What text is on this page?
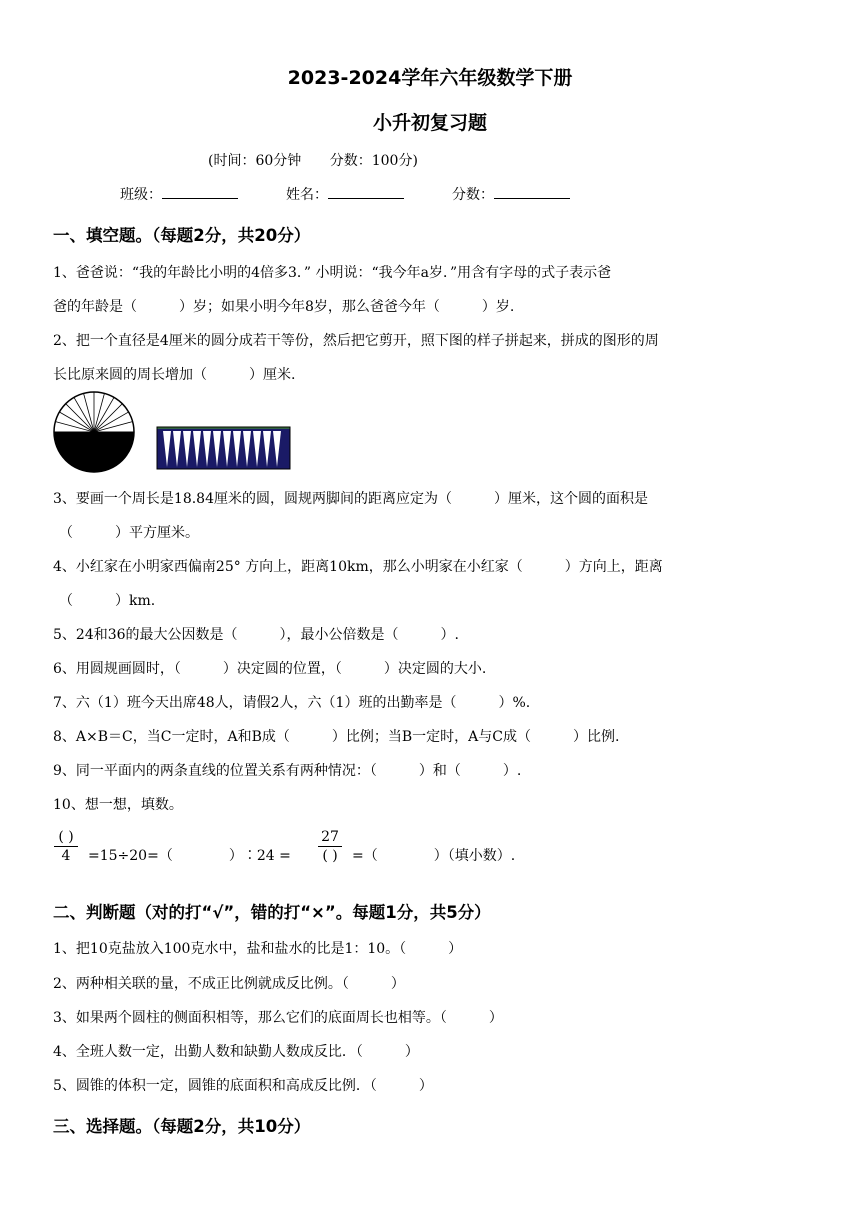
2023-2024学年六年级数学下册
小升初复习题
(时间：60分钟 分数：100分)
班级：	姓名：	分数：
一、填空题。（每题2分，共20分）
1、爸爸说：“我的年龄比小明的4倍多3．” 小明说：“我今年a岁．”用含有字母的式子表示爸
爸的年龄是（　　　）岁；如果小明今年8岁，那么爸爸今年（　　　）岁.
2、把一个直径是4厘米的圆分成若干等份，然后把它剪开，照下图的样子拼起来，拼成的图形的周
长比原来圆的周长增加（　　　）厘米.
3、要画一个周长是18.84厘米的圆，圆规两脚间的距离应定为（　　　）厘米，这个圆的面积是
（　　　）平方厘米。
4、小红家在小明家西偏南25° 方向上，距离10km，那么小明家在小红家（　　　）方向上，距离
（　　　）km.
5、24和36的最大公因数是（　　　），最小公倍数是（　　　）.
6、用圆规画圆时，（　　　）决定圆的位置，（　　　）决定圆的大小.
7、六（1）班今天出席48人，请假2人，六（1）班的出勤率是（　　　）%.
8、A×B＝C，当C一定时，A和B成（　　　）比例；当B一定时，A与C成（　　　）比例.
9、同一平面内的两条直线的位置关系有两种情况：（　　　）和（　　　）.
10、想一想，填数。
( )
4	=15÷20=（　　　　）∶24 =
27
( )	=（　　　　）（填小数）.
二、判断题（对的打“√”，错的打“×”。每题1分，共5分）
1、把10克盐放入100克水中，盐和盐水的比是1：10。（　　　）
2、两种相关联的量，不成正比例就成反比例。（　　　）
3、如果两个圆柱的侧面积相等，那么它们的底面周长也相等。（　　　）
4、全班人数一定，出勤人数和缺勤人数成反比．（　　　）
5、圆锥的体积一定，圆锥的底面积和高成反比例．（　　　）
三、选择题。（每题2分，共10分）
